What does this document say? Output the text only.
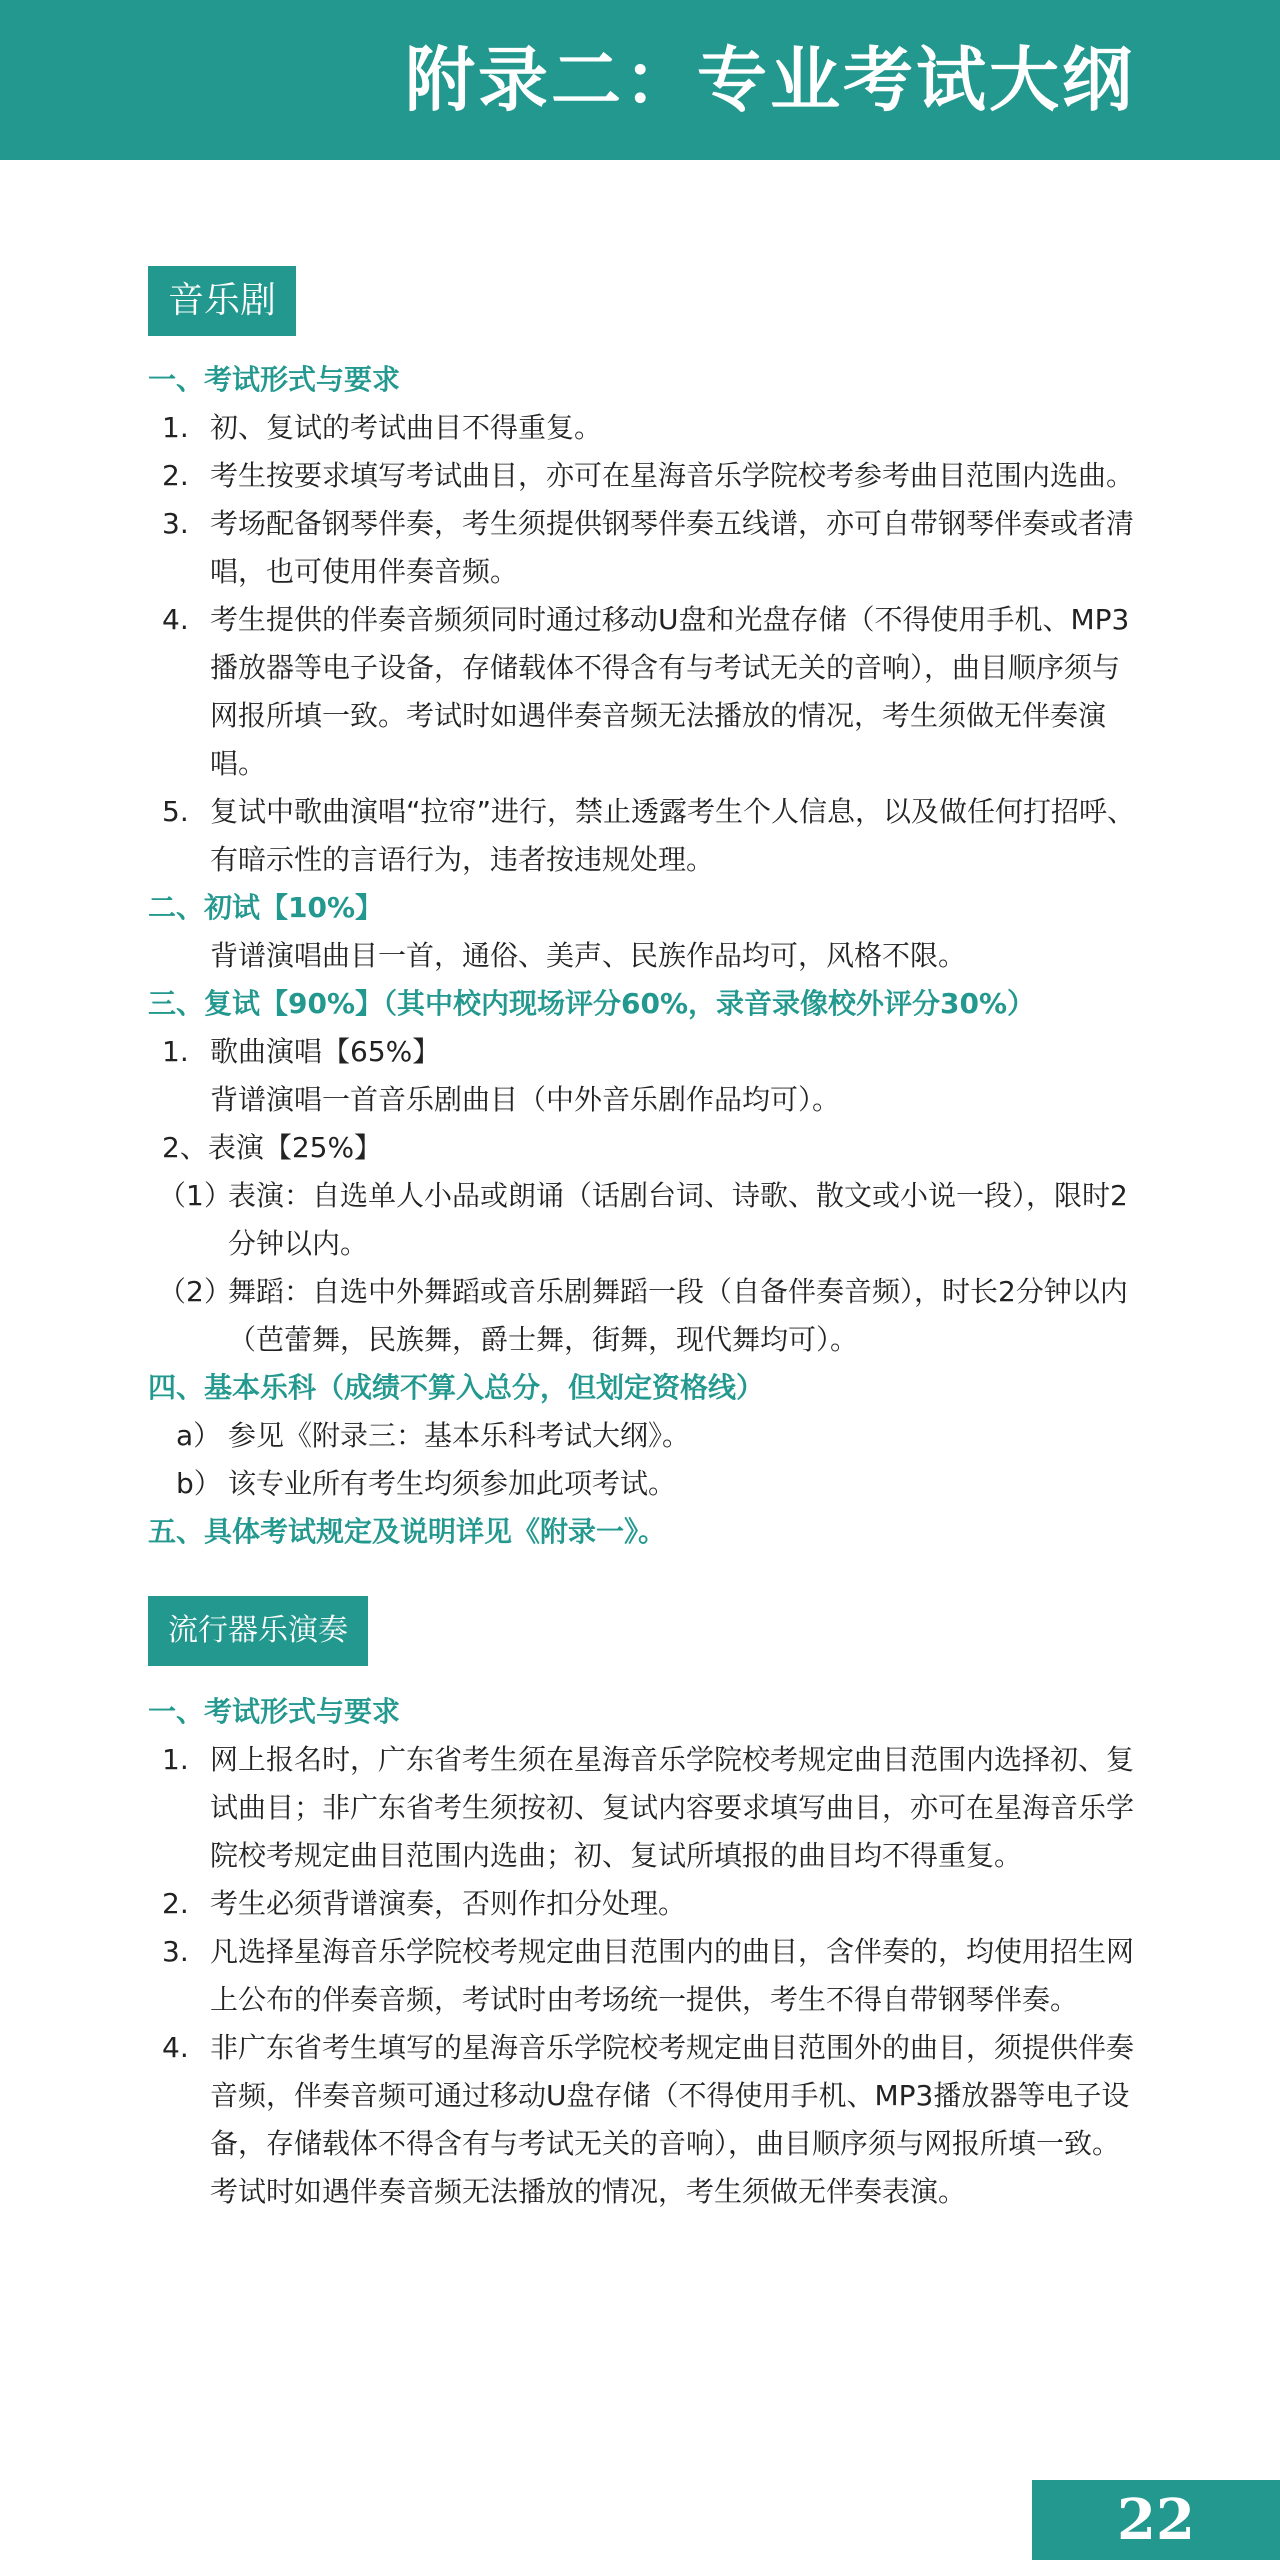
附录二：专业考试大纲
音乐剧

一、考试形式与要求

1. 初、复试的考试曲目不得重复。
2. 考生按要求填写考试曲目，亦可在星海音乐学院校考参考曲目范围内选曲。
3. 考场配备钢琴伴奏，考生须提供钢琴伴奏五线谱，亦可自带钢琴伴奏或者清唱，也可使用伴奏音频。
4. 考生提供的伴奏音频须同时通过移动U盘和光盘存储（不得使用手机、MP3播放器等电子设备，存储载体不得含有与考试无关的音响），曲目顺序须与网报所填一致。考试时如遇伴奏音频无法播放的情况，考生须做无伴奏演唱。
5. 复试中歌曲演唱“拉帘”进行，禁止透露考生个人信息，以及做任何打招呼、有暗示性的言语行为，违者按违规处理。

二、初试【10%】

背谱演唱曲目一首，通俗、美声、民族作品均可，风格不限。

三、复试【90%】（其中校内现场评分60%，录音录像校外评分30%）

1. 歌曲演唱【65%】

背谱演唱一首音乐剧曲目（中外音乐剧作品均可）。

2、表演【25%】

（1）
表演：自选单人小品或朗诵（话剧台词、诗歌、散文或小说一段），限时2分钟以内。
（2）
舞蹈：自选中外舞蹈或音乐剧舞蹈一段（自备伴奏音频），时长2分钟以内（芭蕾舞，民族舞，爵士舞，街舞，现代舞均可）。

四、基本乐科（成绩不算入总分，但划定资格线）

a） 参见《附录三：基本乐科考试大纲》。
b） 该专业所有考生均须参加此项考试。

五、具体考试规定及说明详见《附录一》。

流行器乐演奏

一、考试形式与要求

1. 网上报名时，广东省考生须在星海音乐学院校考规定曲目范围内选择初、复试曲目；非广东省考生须按初、复试内容要求填写曲目，亦可在星海音乐学院校考规定曲目范围内选曲；初、复试所填报的曲目均不得重复。
2. 考生必须背谱演奏，否则作扣分处理。
3. 凡选择星海音乐学院校考规定曲目范围内的曲目，含伴奏的，均使用招生网上公布的伴奏音频，考试时由考场统一提供，考生不得自带钢琴伴奏。
4. 非广东省考生填写的星海音乐学院校考规定曲目范围外的曲目，须提供伴奏音频，伴奏音频可通过移动U盘存储（不得使用手机、MP3播放器等电子设备，存储载体不得含有与考试无关的音响），曲目顺序须与网报所填一致。考试时如遇伴奏音频无法播放的情况，考生须做无伴奏表演。
22
